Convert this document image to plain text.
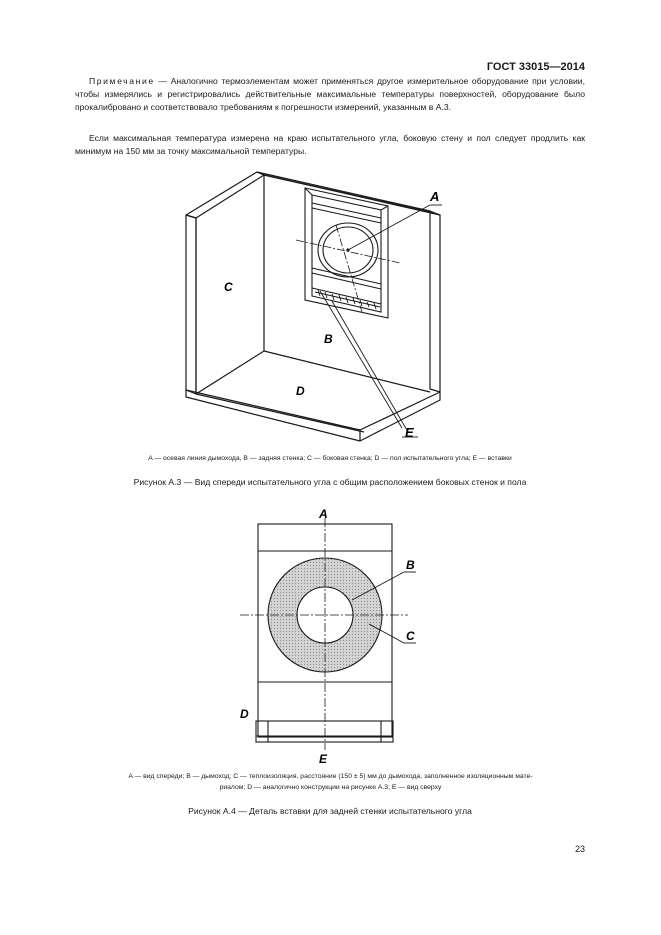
ГОСТ 33015—2014
Примечание — Аналогично термоэлементам может применяться другое измерительное оборудование при условии, чтобы измерялись и регистрировались действительные максимальные температуры поверхностей, оборудование было прокалиброванo и соответствовало требованиям к погрешности измерений, указанным в А.3.
Если максимальная температура измерена на краю испытательного угла, боковую стену и пол следует продлить как минимум на 150 мм за точку максимальной температуры.
A
C
B
D
E
A — осевая линия дымохода, B — задняя стенка; C — боковая стенка; D — пол испытательного угла; E — вставки
Рисунок А.3 — Вид спереди испытательного угла с общим расположением боковых стенок и пола
A
B
C
D
E
A — вид спереди; B — дымоход; C — теплоизоляция, расстояние (150 ± 5) мм до дымохода, заполненное изоляционным мате-
риалом; D — аналогично конструкции на рисунке А.3; E — вид сверху
Рисунок А.4 — Деталь вставки для задней стенки испытательного угла
23
